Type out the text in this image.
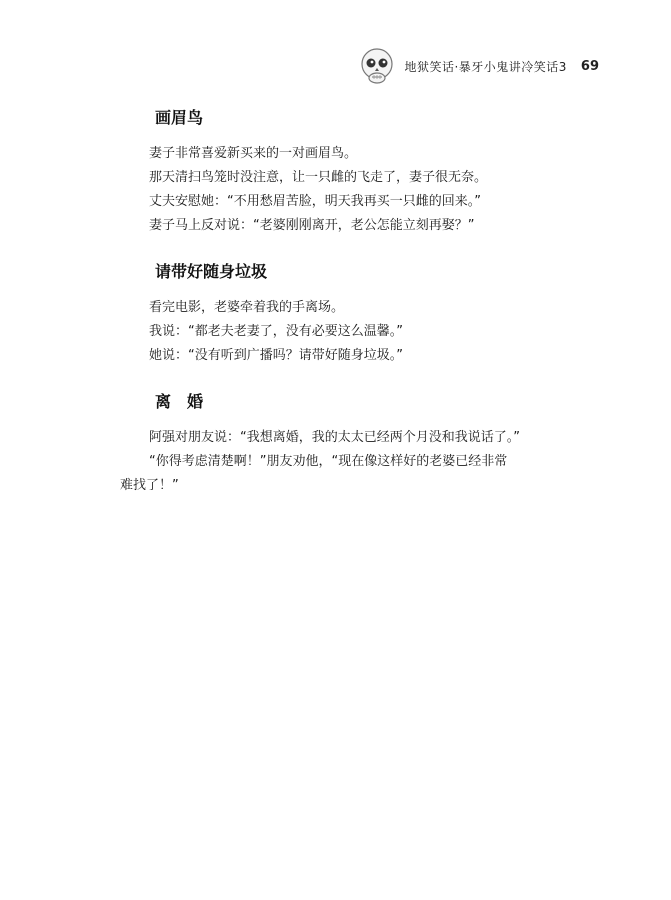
地狱笑话·暴牙小鬼讲冷笑话3 69
画眉鸟

妻子非常喜爱新买来的一对画眉鸟。

那天清扫鸟笼时没注意，让一只雌的飞走了，妻子很无奈。

丈夫安慰她：“不用愁眉苦脸，明天我再买一只雌的回来。”

妻子马上反对说：“老婆刚刚离开，老公怎能立刻再娶？”

请带好随身垃圾

看完电影，老婆牵着我的手离场。

我说：“都老夫老妻了，没有必要这么温馨。”

她说：“没有听到广播吗？请带好随身垃圾。”

离　婚

阿强对朋友说：“我想离婚，我的太太已经两个月没和我说话了。”

“你得考虑清楚啊！”朋友劝他，“现在像这样好的老婆已经非常
难找了！”
